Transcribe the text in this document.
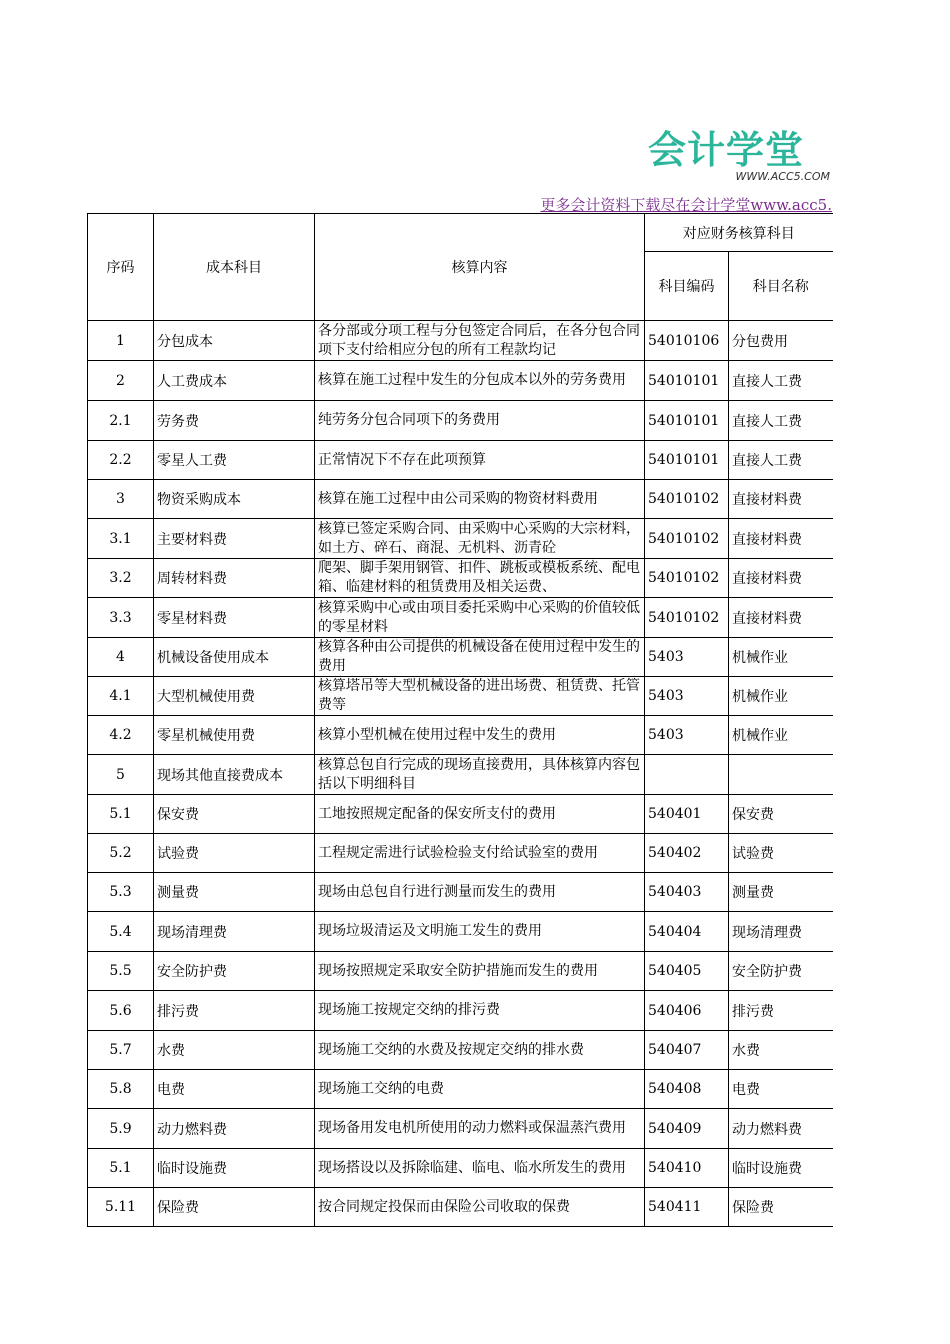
会计学堂
WWW.ACC5.COM
更多会计资料下载尽在会计学堂www.acc5.
序码	成本科目	核算内容	对应财务核算科目	
			科目编码	科目名称
1	分包成本	各分部或分项工程与分包签定合同后，在各分包合同项下支付给相应分包的所有工程款均记	54010106	分包费用
2	人工费成本	核算在施工过程中发生的分包成本以外的劳务费用	54010101	直接人工费
2.1	劳务费	纯劳务分包合同项下的务费用	54010101	直接人工费
2.2	零星人工费	正常情况下不存在此项预算	54010101	直接人工费
3	物资采购成本	核算在施工过程中由公司采购的物资材料费用	54010102	直接材料费
3.1	主要材料费	核算已签定采购合同、由采购中心采购的大宗材料，如土方、碎石、商混、无机料、沥青砼	54010102	直接材料费
3.2	周转材料费	爬架、脚手架用钢管、扣件、跳板或模板系统、配电箱、临建材料的租赁费用及相关运费、	54010102	直接材料费
3.3	零星材料费	核算采购中心或由项目委托采购中心采购的价值较低的零星材料	54010102	直接材料费
4	机械设备使用成本	核算各种由公司提供的机械设备在使用过程中发生的费用	5403	机械作业
4.1	大型机械使用费	核算塔吊等大型机械设备的进出场费、租赁费、托管费等	5403	机械作业
4.2	零星机械使用费	核算小型机械在使用过程中发生的费用	5403	机械作业
5	现场其他直接费成本	核算总包自行完成的现场直接费用，具体核算内容包括以下明细科目		
5.1	保安费	工地按照规定配备的保安所支付的费用	540401	保安费
5.2	试验费	工程规定需进行试验检验支付给试验室的费用	540402	试验费
5.3	测量费	现场由总包自行进行测量而发生的费用	540403	测量费
5.4	现场清理费	现场垃圾清运及文明施工发生的费用	540404	现场清理费
5.5	安全防护费	现场按照规定采取安全防护措施而发生的费用	540405	安全防护费
5.6	排污费	现场施工按规定交纳的排污费	540406	排污费
5.7	水费	现场施工交纳的水费及按规定交纳的排水费	540407	水费
5.8	电费	现场施工交纳的电费	540408	电费
5.9	动力燃料费	现场备用发电机所使用的动力燃料或保温蒸汽费用	540409	动力燃料费
5.1	临时设施费	现场搭设以及拆除临建、临电、临水所发生的费用	540410	临时设施费
5.11	保险费	按合同规定投保而由保险公司收取的保费	540411	保险费
